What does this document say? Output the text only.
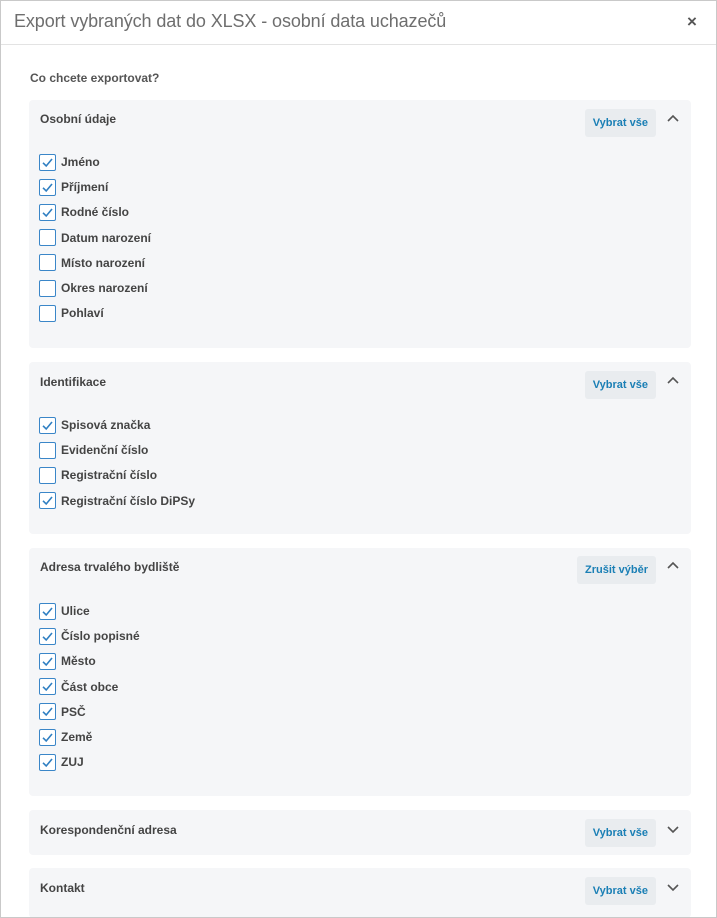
Export vybraných dat do XLSX - osobní data uchazečů	×
Co chcete exportovat?
Osobní údaje	Vybrat vše
Jméno
Příjmení
Rodné číslo
Datum narození
Místo narození
Okres narození
Pohlaví
Identifikace	Vybrat vše
Spisová značka
Evidenční číslo
Registrační číslo
Registrační číslo DiPSy
Adresa trvalého bydliště	Zrušit výběr
Ulice
Číslo popisné
Město
Část obce
PSČ
Země
ZUJ
Korespondenční adresa	Vybrat vše
Kontakt	Vybrat vše
